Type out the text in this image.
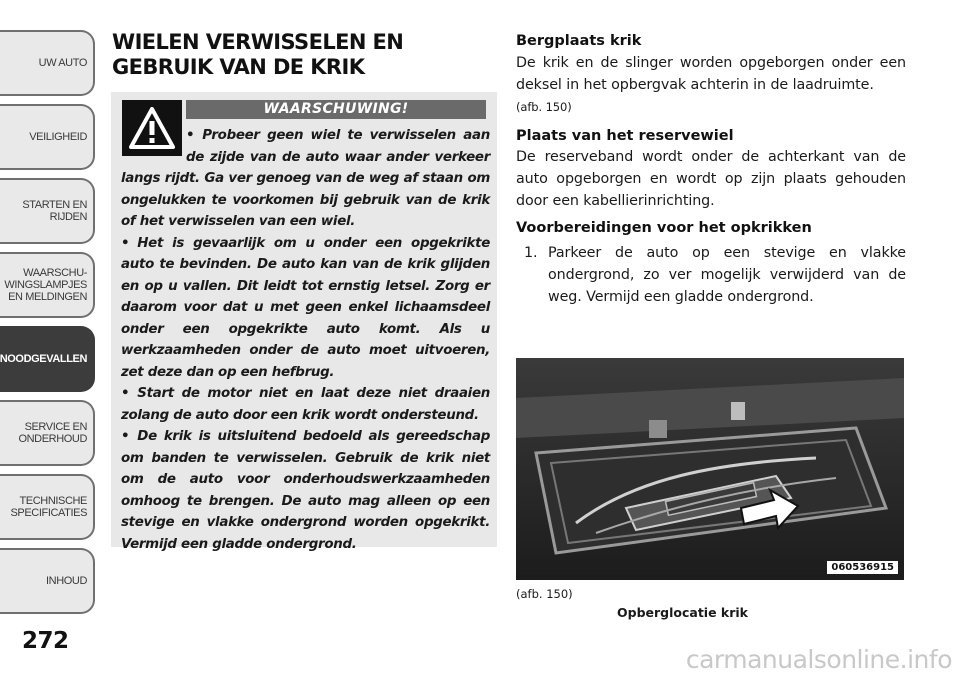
UW AUTO
VEILIGHEID
STARTEN EN
RIJDEN
WAARSCHU-
WINGSLAMPJES
EN MELDINGEN
NOODGEVALLEN
SERVICE EN
ONDERHOUD
TECHNISCHE
SPECIFICATIES
INHOUD
272
WIELEN VERWISSELEN EN GEBRUIK VAN DE KRIK
WAARSCHUWING!

• Probeer geen wiel te verwisselen aan de zijde van de auto waar ander verkeer langs rijdt. Ga ver genoeg van de weg af staan om ongelukken te voorkomen bij gebruik van de krik of het verwisselen van een wiel.

• Het is gevaarlijk om u onder een opgekrikte auto te bevinden. De auto kan van de krik glijden en op u vallen. Dit leidt tot ernstig letsel. Zorg er daarom voor dat u met geen enkel lichaamsdeel onder een opgekrikte auto komt. Als u werkzaamheden onder de auto moet uitvoeren, zet deze dan op een hefbrug.

• Start de motor niet en laat deze niet draaien zolang de auto door een krik wordt ondersteund.

• De krik is uitsluitend bedoeld als gereedschap om banden te verwisselen. Gebruik de krik niet om de auto voor onderhoudswerkzaamheden omhoog te brengen. De auto mag alleen op een stevige en vlakke ondergrond worden opgekrikt. Vermijd een gladde ondergrond.

Bergplaats krik

De krik en de slinger worden opgeborgen onder een deksel in het opbergvak achterin in de laadruimte.
(afb. 150)

Plaats van het reservewiel

De reserveband wordt onder de achterkant van de auto opgeborgen en wordt op zijn plaats gehouden door een kabellierinrichting.

Voorbereidingen voor het opkrikken
1. Parkeer de auto op een stevige en vlakke ondergrond, zo ver mogelijk verwijderd van de weg. Vermijd een gladde ondergrond.
060536915
(afb. 150)
Opberglocatie krik
carmanualsonline.info
